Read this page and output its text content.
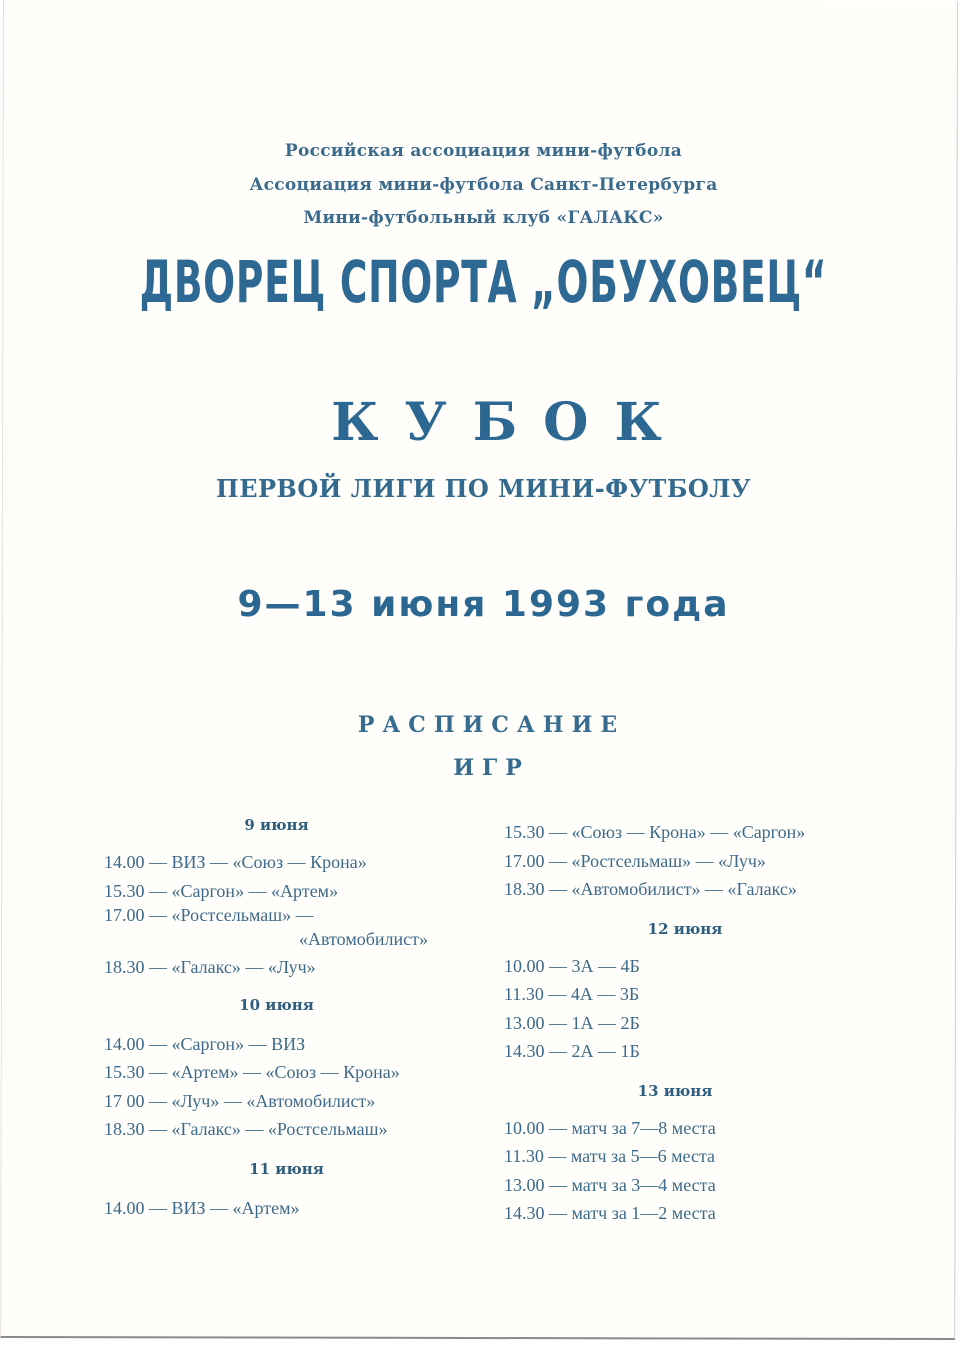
Российская ассоциация мини-футбола
Ассоциация мини-футбола Санкт-Петербурга
Мини-футбольный клуб «ГАЛАКС»
ДВОРЕЦ СПОРТА „ОБУХОВЕЦ“
КУБОК
ПЕРВОЙ ЛИГИ ПО МИНИ-ФУТБОЛУ
9—13 июня 1993 года
РАСПИСАНИЕ
ИГР
9 июня
14.00 — ВИЗ — «Союз — Крона»
15.30 — «Саргон» — «Артем»
17.00 — «Ростсельмаш» —
«Автомобилист»
18.30 — «Галакс» — «Луч»
10 июня
14.00 — «Саргон» — ВИЗ
15.30 — «Артем» — «Союз — Крона»
17 00 — «Луч» — «Автомобилист»
18.30 — «Галакс» — «Ростсельмаш»
11 июня
14.00 — ВИЗ — «Артем»
15.30 — «Союз — Крона» — «Саргон»
17.00 — «Ростсельмаш» — «Луч»
18.30 — «Автомобилист» — «Галакс»
12 июня
10.00 — 3А — 4Б
11.30 — 4А — 3Б
13.00 — 1А — 2Б
14.30 — 2А — 1Б
13 июня
10.00 — матч за 7—8 места
11.30 — матч за 5—6 места
13.00 — матч за 3—4 места
14.30 — матч за 1—2 места
